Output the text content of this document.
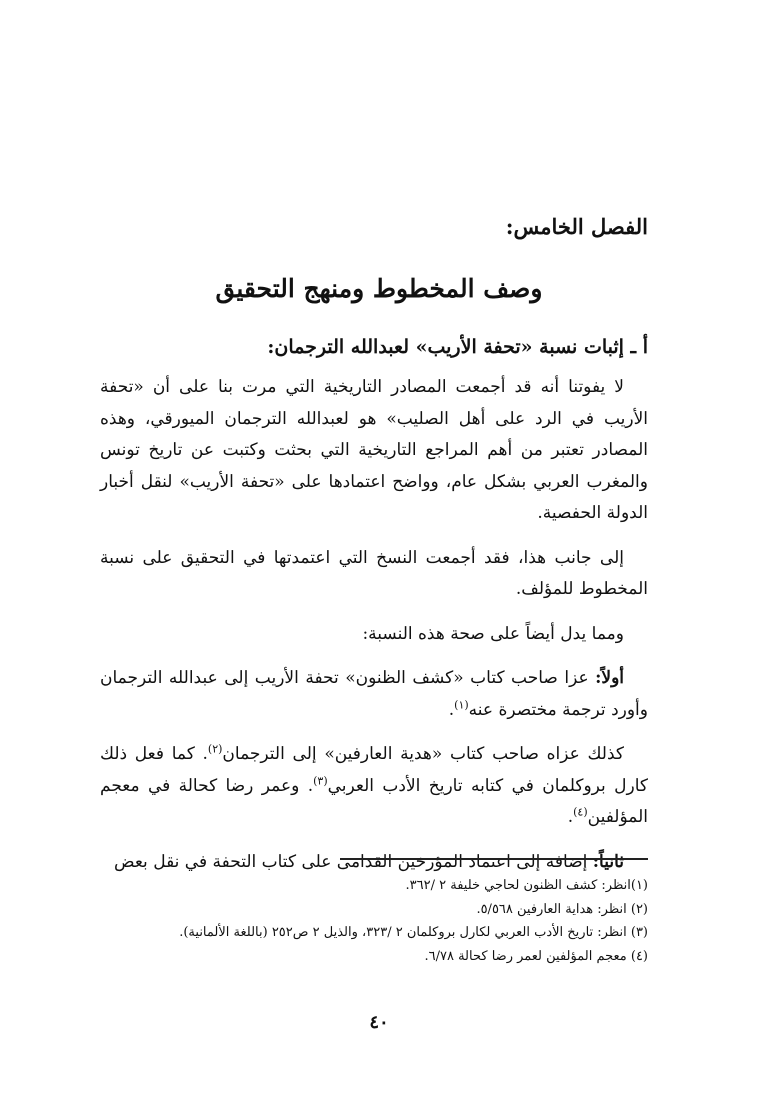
الفصل الخامس:
وصف المخطوط ومنهج التحقيق
أ ـ إثبات نسبة «تحفة الأريب» لعبدالله الترجمان:

لا يفوتنا أنه قد أجمعت المصادر التاريخية التي مرت بنا على أن «تحفة الأريب في الرد على أهل الصليب» هو لعبدالله الترجمان الميورقي، وهذه المصادر تعتبر من أهم المراجع التاريخية التي بحثت وكتبت عن تاريخ تونس والمغرب العربي بشكل عام، وواضح اعتمادها على «تحفة الأريب» لنقل أخبار الدولة الحفصية.

إلى جانب هذا، فقد أجمعت النسخ التي اعتمدتها في التحقيق على نسبة المخطوط للمؤلف.

ومما يدل أيضاً على صحة هذه النسبة:

أولاً: عزا صاحب كتاب «كشف الظنون» تحفة الأريب إلى عبدالله الترجمان وأورد ترجمة مختصرة عنه$^{(١)}$.

كذلك عزاه صاحب كتاب «هدية العارفين» إلى الترجمان$^{(٢)}$. كما فعل ذلك كارل بروكلمان في كتابه تاريخ الأدب العربي$^{(٣)}$. وعمر رضا كحالة في معجم المؤلفين$^{(٤)}$.

ثانياً: إضافة إلى اعتماد المؤرخين القدامى على كتاب التحفة في نقل بعض

(١)انظر: كشف الظنون لحاجي خليفة ٢ /٣٦٢.
(٢) انظر: هداية العارفين ٥/٥٦٨.
(٣) انظر: تاريخ الأدب العربي لكارل بروكلمان ٢ /٣٢٣، والذيل ٢ ص٢٥٢ (باللغة الألمانية).
(٤) معجم المؤلفين لعمر رضا كحالة ٦/٧٨.
٤٠
